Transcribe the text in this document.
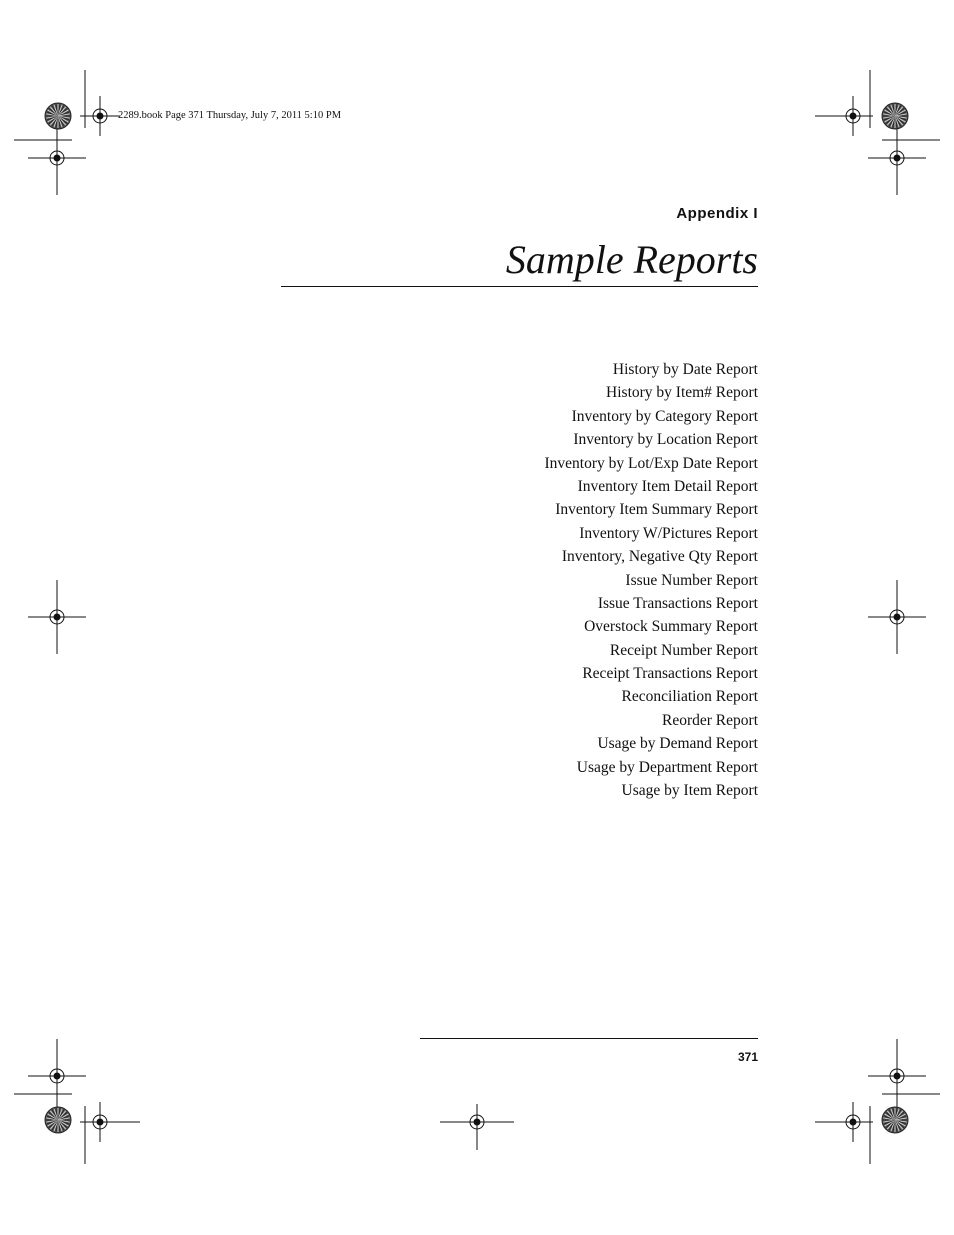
2289.book Page 371 Thursday, July 7, 2011 5:10 PM
Appendix I
Sample Reports
History by Date Report
History by Item# Report
Inventory by Category Report
Inventory by Location Report
Inventory by Lot/Exp Date Report
Inventory Item Detail Report
Inventory Item Summary Report
Inventory W/Pictures Report
Inventory, Negative Qty Report
Issue Number Report
Issue Transactions Report
Overstock Summary Report
Receipt Number Report
Receipt Transactions Report
Reconciliation Report
Reorder Report
Usage by Demand Report
Usage by Department Report
Usage by Item Report
371
